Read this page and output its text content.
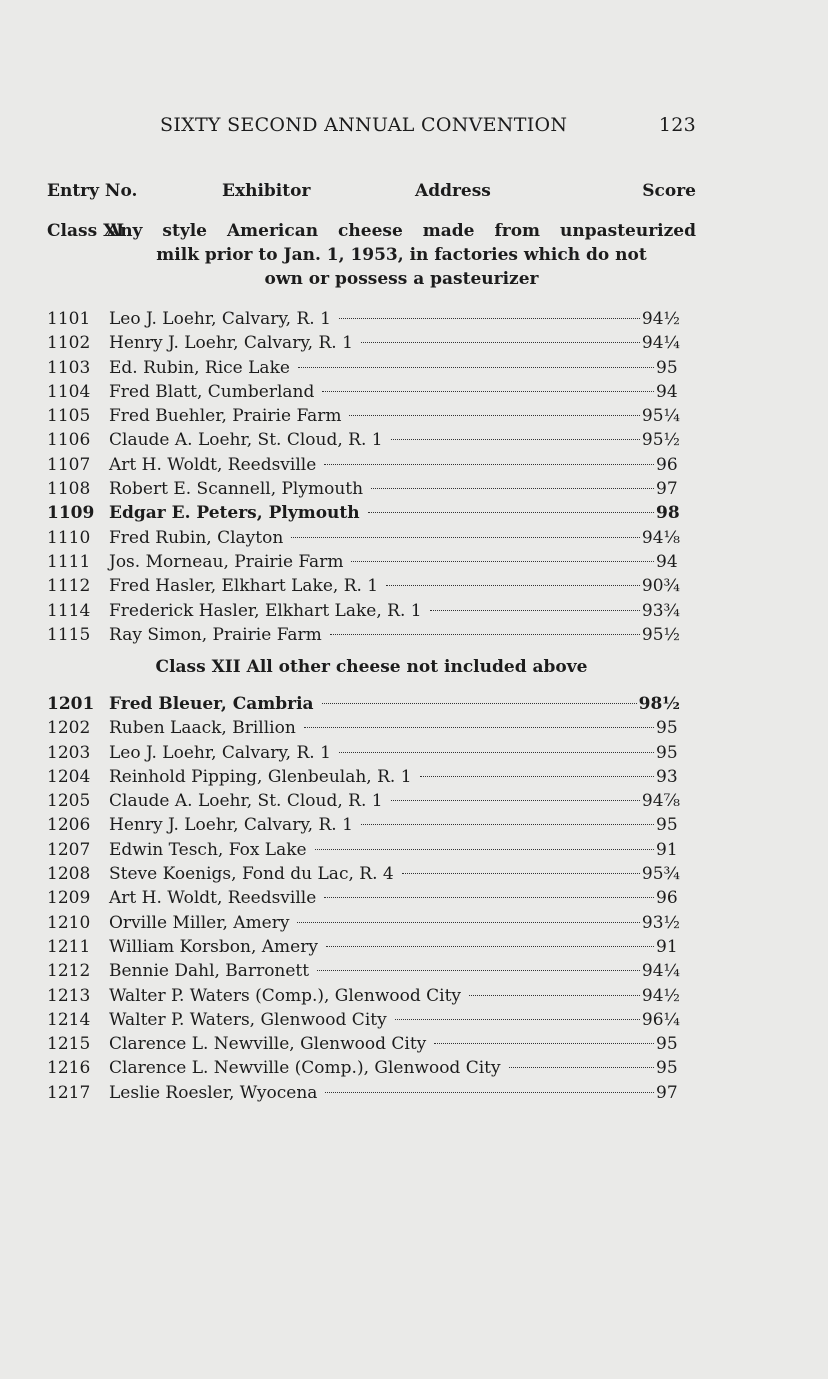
SIXTY SECOND ANNUAL CONVENTION	123
Entry No.	Exhibitor	Address	Score
Class XI
Any style American cheese made from unpasteurized
milk prior to Jan. 1, 1953, in factories which do not
own or possess a pasteurizer
1101	Leo J. Loehr, Calvary, R. 1	94½
1102	Henry J. Loehr, Calvary, R. 1	94¼
1103	Ed. Rubin, Rice Lake	95
1104	Fred Blatt, Cumberland	94
1105	Fred Buehler, Prairie Farm	95¼
1106	Claude A. Loehr, St. Cloud, R. 1	95½
1107	Art H. Woldt, Reedsville	96
1108	Robert E. Scannell, Plymouth	97
1109 Edgar E. Peters, Plymouth	98
1110	Fred Rubin, Clayton	94⅛
1111	Jos. Morneau, Prairie Farm	94
1112	Fred Hasler, Elkhart Lake, R. 1	90¾
1114	Frederick Hasler, Elkhart Lake, R. 1	93¾
1115	Ray Simon, Prairie Farm	95½
Class XII All other cheese not included above
1201 Fred Bleuer, Cambria	98½
1202	Ruben Laack, Brillion	95
1203	Leo J. Loehr, Calvary, R. 1	95
1204	Reinhold Pipping, Glenbeulah, R. 1	93
1205	Claude A. Loehr, St. Cloud, R. 1	94⅞
1206	Henry J. Loehr, Calvary, R. 1	95
1207	Edwin Tesch, Fox Lake	91
1208	Steve Koenigs, Fond du Lac, R. 4	95¾
1209	Art H. Woldt, Reedsville	96
1210	Orville Miller, Amery	93½
1211	William Korsbon, Amery	91
1212	Bennie Dahl, Barronett	94¼
1213	Walter P. Waters (Comp.), Glenwood City	94½
1214	Walter P. Waters, Glenwood City	96¼
1215	Clarence L. Newville, Glenwood City	95
1216	Clarence L. Newville (Comp.), Glenwood City	95
1217	Leslie Roesler, Wyocena	97
